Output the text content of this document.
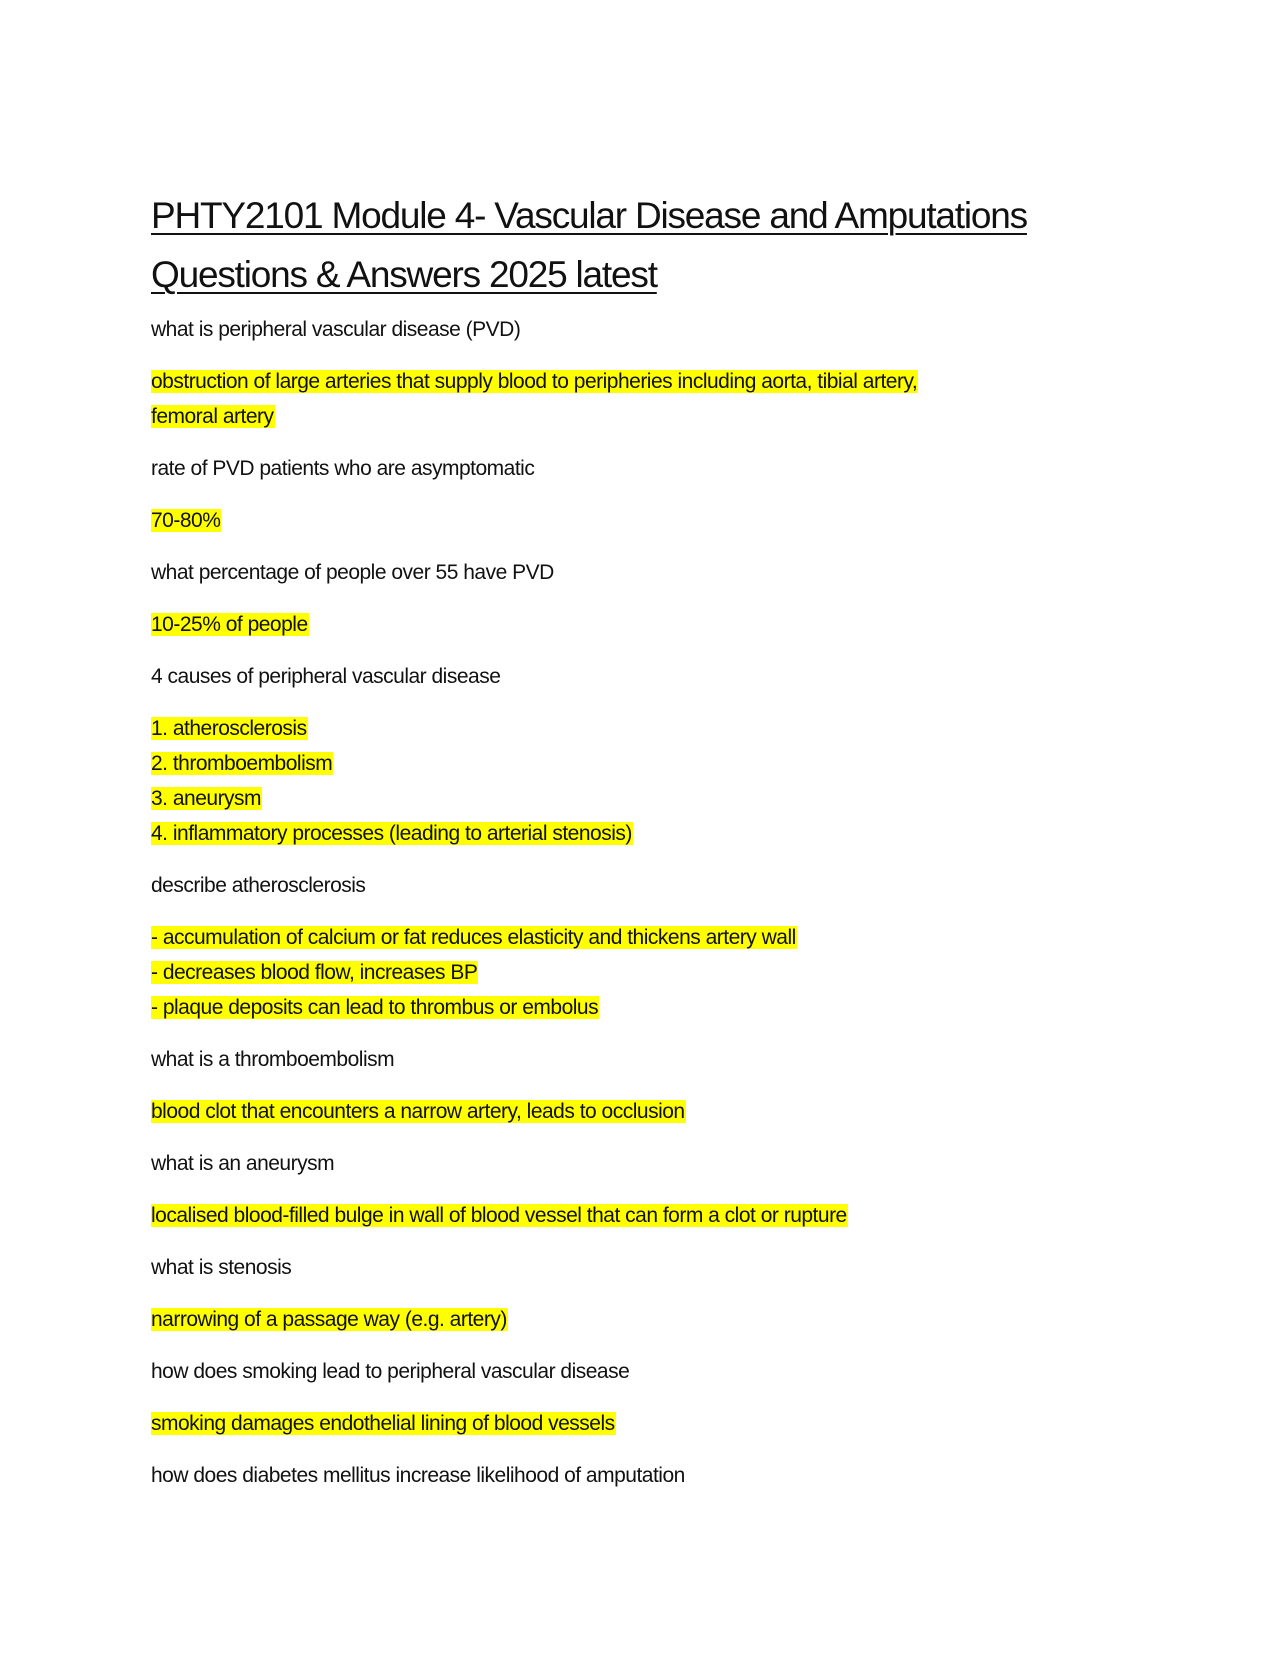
PHTY2101 Module 4- Vascular Disease and Amputations
Questions & Answers 2025 latest

what is peripheral vascular disease (PVD)

obstruction of large arteries that supply blood to peripheries including aorta, tibial artery,
femoral artery

rate of PVD patients who are asymptomatic

70-80%

what percentage of people over 55 have PVD

10-25% of people

4 causes of peripheral vascular disease

1. atherosclerosis
2. thromboembolism
3. aneurysm
4. inflammatory processes (leading to arterial stenosis)

describe atherosclerosis

- accumulation of calcium or fat reduces elasticity and thickens artery wall
- decreases blood flow, increases BP
- plaque deposits can lead to thrombus or embolus

what is a thromboembolism

blood clot that encounters a narrow artery, leads to occlusion

what is an aneurysm

localised blood-filled bulge in wall of blood vessel that can form a clot or rupture

what is stenosis

narrowing of a passage way (e.g. artery)

how does smoking lead to peripheral vascular disease

smoking damages endothelial lining of blood vessels

how does diabetes mellitus increase likelihood of amputation
